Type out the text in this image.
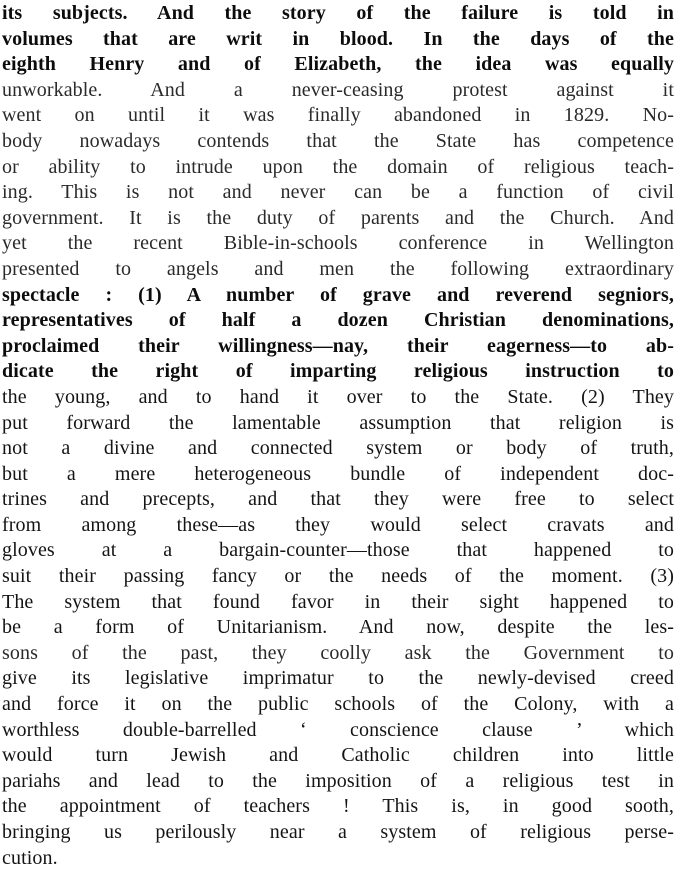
its subjects. And the story of the failure is told in
volumes that are writ in blood. In the days of the
eighth Henry and of Elizabeth, the idea was equally
unworkable. And a never-ceasing protest against it
went on until it was finally abandoned in 1829. No-
body nowadays contends that the State has competence
or ability to intrude upon the domain of religious teach-
ing. This is not and never can be a function of civil
government. It is the duty of parents and the Church. And
yet the recent Bible-in-schools conference in Wellington
presented to angels and men the following extraordinary
spectacle : (1) A number of grave and reverend segniors,
representatives of half a dozen Christian denominations,
proclaimed their willingness—nay, their eagerness—to ab-
dicate the right of imparting religious instruction to
the young, and to hand it over to the State. (2) They
put forward the lamentable assumption that religion is
not a divine and connected system or body of truth,
but a mere heterogeneous bundle of independent doc-
trines and precepts, and that they were free to select
from among these—as they would select cravats and
gloves at a bargain-counter—those that happened to
suit their passing fancy or the needs of the moment. (3)
The system that found favor in their sight happened to
be a form of Unitarianism. And now, despite the les-
sons of the past, they coolly ask the Government to
give its legislative imprimatur to the newly-devised creed
and force it on the public schools of the Colony, with a
worthless double-barrelled ‘ conscience clause ’ which
would turn Jewish and Catholic children into little
pariahs and lead to the imposition of a religious test in
the appointment of teachers ! This is, in good sooth,
bringing us perilously near a system of religious perse-
cution.
